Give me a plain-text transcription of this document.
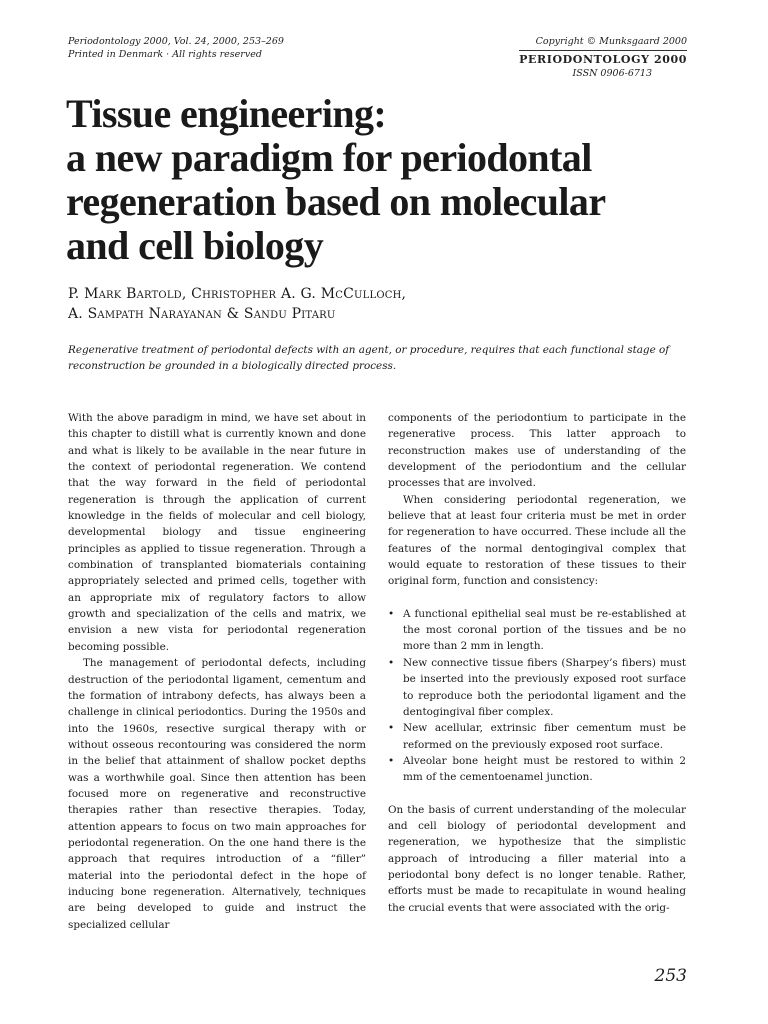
Periodontology 2000, Vol. 24, 2000, 253–269
Printed in Denmark · All rights reserved
Copyright © Munksgaard 2000
PERIODONTOLOGY 2000
ISSN 0906-6713
Tissue engineering:
a new paradigm for periodontal
regeneration based on molecular
and cell biology
P. Mark Bartold, Christopher A. G. McCulloch,
A. Sampath Narayanan & Sandu Pitaru
Regenerative treatment of periodontal defects with an agent, or procedure, requires that each functional stage of reconstruction be grounded in a biologically directed process.

With the above paradigm in mind, we have set about in this chapter to distill what is currently known and done and what is likely to be available in the near future in the context of periodontal regeneration. We contend that the way forward in the field of periodontal regeneration is through the application of current knowledge in the fields of molecular and cell biology, developmental biology and tissue engineering principles as applied to tissue regeneration. Through a combination of transplanted biomaterials containing appropriately selected and primed cells, together with an appropriate mix of regulatory factors to allow growth and specialization of the cells and matrix, we envision a new vista for periodontal regeneration becoming possible.

The management of periodontal defects, including destruction of the periodontal ligament, cementum and the formation of intrabony defects, has always been a challenge in clinical periodontics. During the 1950s and into the 1960s, resective surgical therapy with or without osseous recontouring was considered the norm in the belief that attainment of shallow pocket depths was a worthwhile goal. Since then attention has been focused more on regenerative and reconstructive therapies rather than resective therapies. Today, attention appears to focus on two main approaches for periodontal regeneration. On the one hand there is the approach that requires introduction of a “filler” material into the periodontal defect in the hope of inducing bone regeneration. Alternatively, techniques are being developed to guide and instruct the specialized cellular

components of the periodontium to participate in the regenerative process. This latter approach to reconstruction makes use of understanding of the development of the periodontium and the cellular processes that are involved.

When considering periodontal regeneration, we believe that at least four criteria must be met in order for regeneration to have occurred. These include all the features of the normal dentogingival complex that would equate to restoration of these tissues to their original form, function and consistency:

• A functional epithelial seal must be re-established at the most coronal portion of the tissues and be no more than 2 mm in length.
• New connective tissue fibers (Sharpey’s fibers) must be inserted into the previously exposed root surface to reproduce both the periodontal ligament and the dentogingival fiber complex.
• New acellular, extrinsic fiber cementum must be reformed on the previously exposed root surface.
• Alveolar bone height must be restored to within 2 mm of the cementoenamel junction.

On the basis of current understanding of the molecular and cell biology of periodontal development and regeneration, we hypothesize that the simplistic approach of introducing a filler material into a periodontal bony defect is no longer tenable. Rather, efforts must be made to recapitulate in wound healing the crucial events that were associated with the orig-

253
